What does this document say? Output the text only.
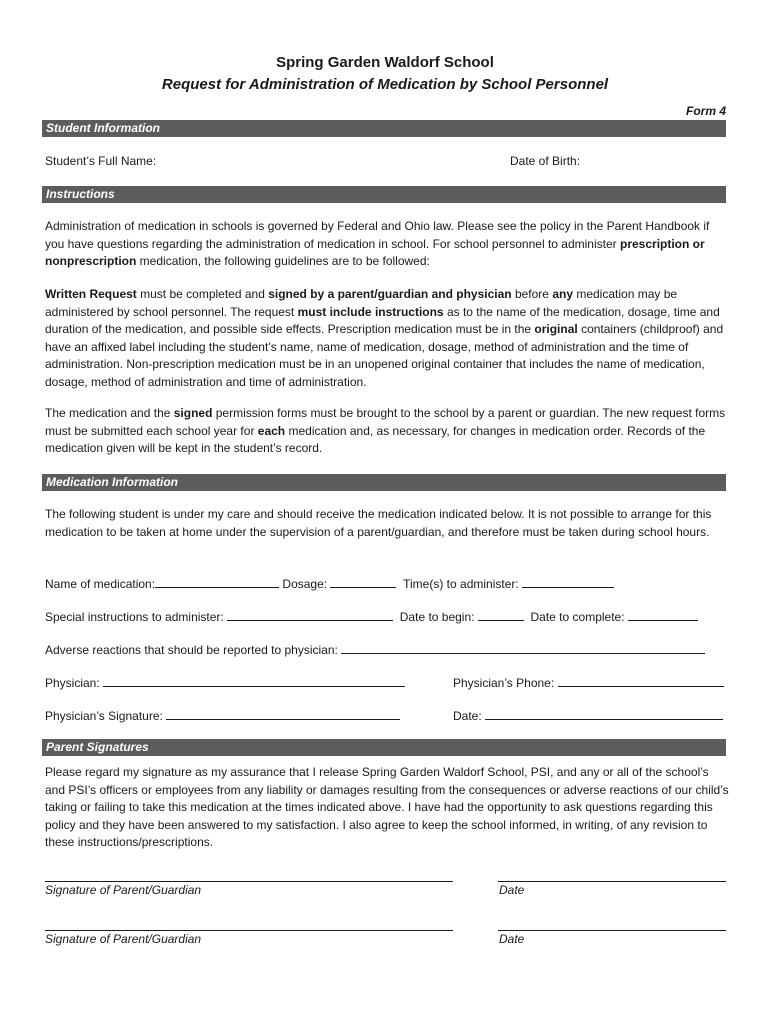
Spring Garden Waldorf School
Request for Administration of Medication by School Personnel
Form 4
Student Information
Student’s Full Name:	Date of Birth:
Instructions
Administration of medication in schools is governed by Federal and Ohio law. Please see the policy in the Parent Handbook if you have questions regarding the administration of medication in school. For school personnel to administer prescription or nonprescription medication, the following guidelines are to be followed:
Written Request must be completed and signed by a parent/guardian and physician before any medication may be administered by school personnel. The request must include instructions as to the name of the medication, dosage, time and duration of the medication, and possible side effects. Prescription medication must be in the original containers (childproof) and have an affixed label including the student’s name, name of medication, dosage, method of administration and the time of administration. Non-prescription medication must be in an unopened original container that includes the name of medication, dosage, method of administration and time of administration.
The medication and the signed permission forms must be brought to the school by a parent or guardian. The new request forms must be submitted each school year for each medication and, as necessary, for changes in medication order. Records of the medication given will be kept in the student’s record.
Medication Information
The following student is under my care and should receive the medication indicated below. It is not possible to arrange for this medication to be taken at home under the supervision of a parent/guardian, and therefore must be taken during school hours.
Name of medication:	Dosage:	Time(s) to administer:
Special instructions to administer:	Date to begin:	Date to complete:
Adverse reactions that should be reported to physician:
Physician:	Physician’s Phone:
Physician’s Signature:	Date:
Parent Signatures
Please regard my signature as my assurance that I release Spring Garden Waldorf School, PSI, and any or all of the school’s and PSI’s officers or employees from any liability or damages resulting from the consequences or adverse reactions of our child’s taking or failing to take this medication at the times indicated above. I have had the opportunity to ask questions regarding this policy and they have been answered to my satisfaction. I also agree to keep the school informed, in writing, of any revision to these instructions/prescriptions.
Signature of Parent/Guardian	Date
Signature of Parent/Guardian	Date
